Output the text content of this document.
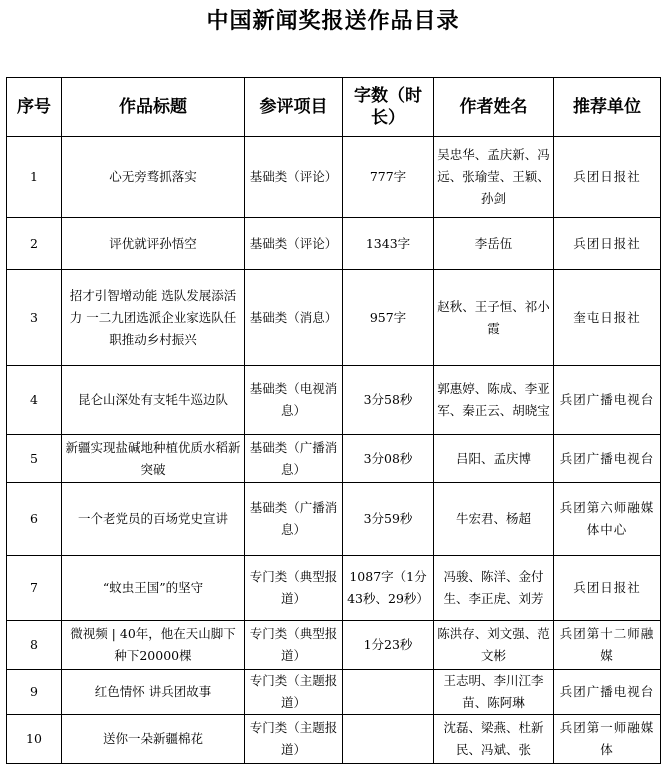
中国新闻奖报送作品目录
序号	作品标题	参评项目	字数（时长）	作者姓名	推荐单位
1	心无旁骛抓落实	基础类（评论）	777字	吴忠华、孟庆新、冯远、张瑜莹、王颖、孙剑	兵团日报社
2	评优就评孙悟空	基础类（评论）	1343字	李岳伍	兵团日报社
3	招才引智增动能 选队发展添活力 一二九团选派企业家选队任职推动乡村振兴	基础类（消息）	957字	赵秋、王子恒、祁小霞	奎屯日报社
4	昆仑山深处有支牦牛巡边队	基础类（电视消息）	3分58秒	郭惠婷、陈成、李亚军、秦正云、胡晓宝	兵团广播电视台
5	新疆实现盐碱地种植优质水稻新突破	基础类（广播消息）	3分08秒	吕阳、孟庆博	兵团广播电视台
6	一个老党员的百场党史宣讲	基础类（广播消息）	3分59秒	牛宏君、杨超	兵团第六师融媒体中心
7	“蚊虫王国”的坚守	专门类（典型报道）	1087字（1分43秒、29秒）	冯骏、陈洋、金付生、李正虎、刘芳	兵团日报社
8	微视频 | 40年，他在天山脚下种下20000棵	专门类（典型报道）	1分23秒	陈洪存、刘文强、范文彬	兵团第十二师融媒
9	红色情怀 讲兵团故事	专门类（主题报道）		王志明、李川江李苗、陈阿琳	兵团广播电视台
10	送你一朵新疆棉花	专门类（主题报道）		沈磊、梁燕、杜新民、冯斌、张	兵团第一师融媒体
